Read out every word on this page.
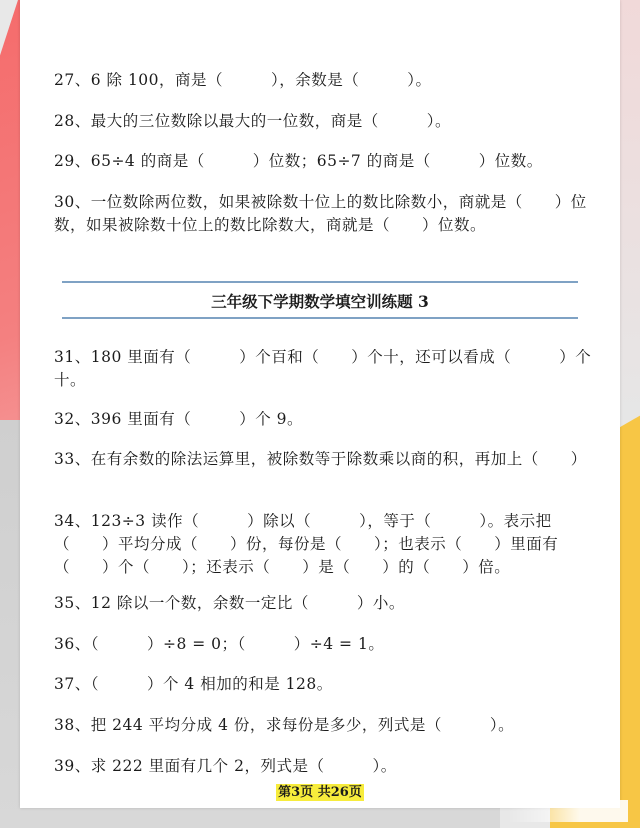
27、6 除 100，商是（　　　），余数是（　　　）。
28、最大的三位数除以最大的一位数，商是（　　　）。
29、65÷4 的商是（　　　）位数；65÷7 的商是（　　　）位数。
30、一位数除两位数，如果被除数十位上的数比除数小，商就是（　　）位数，如果被除数十位上的数比除数大，商就是（　　）位数。
三年级下学期数学填空训练题 3
31、180 里面有（　　　）个百和（　　）个十，还可以看成（　　　）个十。
32、396 里面有（　　　）个 9。
33、在有余数的除法运算里，被除数等于除数乘以商的积，再加上（　　）
34、123÷3 读作（　　　）除以（　　　），等于（　　　）。表示把（　　）平均分成（　　）份，每份是（　　）；也表示（　　）里面有（　　）个（　　）；还表示（　　）是（　　）的（　　）倍。
35、12 除以一个数，余数一定比（　　　）小。
36、（　　　）÷8 = 0；（　　　）÷4 = 1。
37、（　　　）个 4 相加的和是 128。
38、把 244 平均分成 4 份，求每份是多少，列式是（　　　）。
39、求 222 里面有几个 2，列式是（　　　）。
第3页 共26页
